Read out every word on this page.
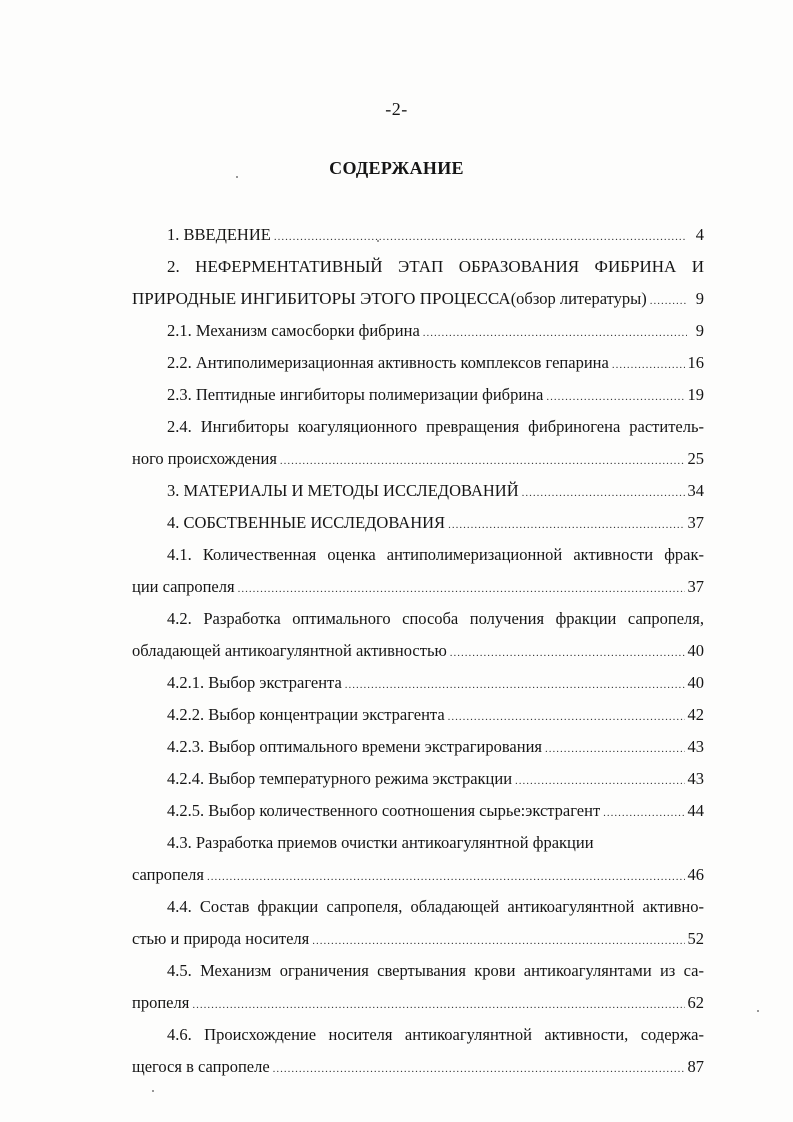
-2-
СОДЕРЖАНИЕ
1. ВВЕДЕНИЕ .....	4
2. НЕФЕРМЕНТАТИВНЫЙ ЭТАП ОБРАЗОВАНИЯ ФИБРИНА И
ПРИРОДНЫЕ ИНГИБИТОРЫ ЭТОГО ПРОЦЕССА (обзор литературы) .....	9
2.1. Механизм самосборки фибрина .....	9
2.2. Антиполимеризационная активность комплексов гепарина .....	16
2.3. Пептидные ингибиторы полимеризации фибрина .....	19
2.4. Ингибиторы коагуляционного превращения фибриногена раститель-
ного происхождения .....	25
3. МАТЕРИАЛЫ И МЕТОДЫ ИССЛЕДОВАНИЙ .....	34
4. СОБСТВЕННЫЕ ИССЛЕДОВАНИЯ .....	37
4.1. Количественная оценка антиполимеризационной активности фрак-
ции сапропеля .....	37
4.2. Разработка оптимального способа получения фракции сапропеля,
обладающей антикоагулянтной активностью .....	40
4.2.1. Выбор экстрагента .....	40
4.2.2. Выбор концентрации экстрагента .....	42
4.2.3. Выбор оптимального времени экстрагирования .....	43
4.2.4. Выбор температурного режима экстракции .....	43
4.2.5. Выбор количественного соотношения сырье:экстрагент .....	44
4.3. Разработка приемов очистки антикоагулянтной фракции
сапропеля .....	46
4.4. Состав фракции сапропеля, обладающей антикоагулянтной активно-
стью и природа носителя .....	52
4.5. Механизм ограничения свертывания крови антикоагулянтами из са-
пропеля .....	62
4.6. Происхождение носителя антикоагулянтной активности, содержа-
щегося в сапропеле .....	87
